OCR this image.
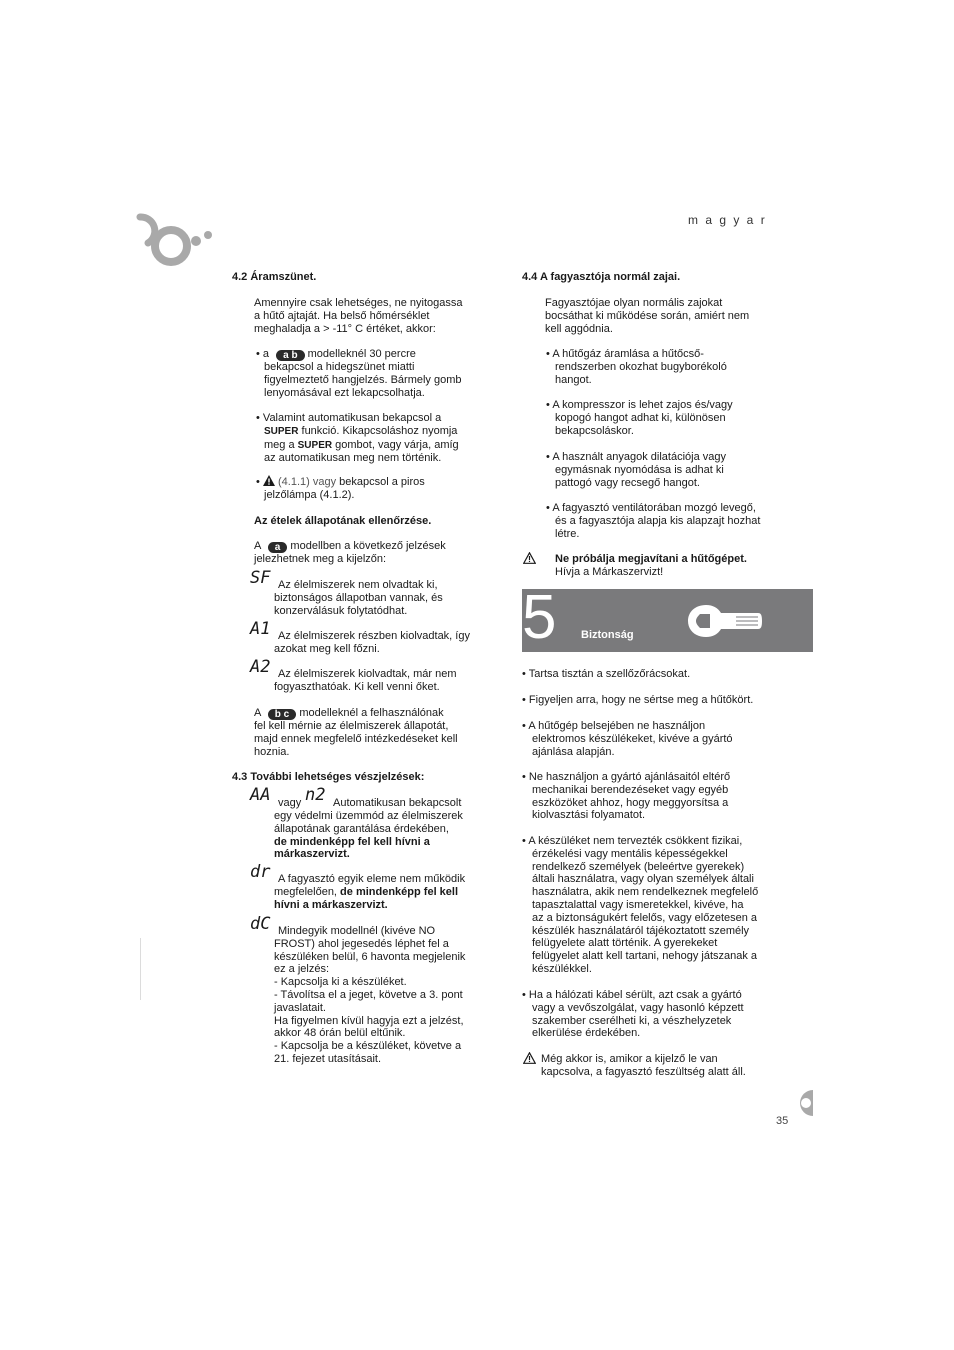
m a g y a r
4.2 Áramszünet.
Amennyire csak lehetséges, ne nyitogassa
a hűtő ajtaját. Ha belső hőmérséklet
meghaladja a > -11° C értéket, akkor:
• a a b modelleknél 30 percre
bekapcsol a hidegszünet miatti
figyelmeztető hangjelzés. Bármely gomb
lenyomásával ezt lekapcsolhatja.
• Valamint automatikusan bekapcsol a
SUPER funkció. Kikapcsoláshoz nyomja
meg a SUPER gombot, vagy várja, amíg
az automatikusan meg nem történik.
•  (4.1.1) vagy bekapcsol a piros
jelzőlámpa (4.1.2).
Az ételek állapotának ellenőrzése.
A a modellben a következő jelzések
jelezhetnek meg a kijelzőn:
SF Az élelmiszerek nem olvadtak ki,
biztonságos állapotban vannak, és
konzerválásuk folytatódhat.
A1 Az élelmiszerek részben kiolvadtak, így
azokat meg kell főzni.
A2 Az élelmiszerek kiolvadtak, már nem
fogyaszthatóak. Ki kell venni őket.
A b c modelleknél a felhasználónak
fel kell mérnie az élelmiszerek állapotát,
majd ennek megfelelő intézkedéseket kell
hoznia.
4.3 További lehetséges vészjelzések:
AA vagy n2 Automatikusan bekapcsolt
egy védelmi üzemmód az élelmiszerek
állapotának garantálása érdekében,
de mindenképp fel kell hívni a
márkaszervizt.
dr A fagyasztó egyik eleme nem működik
megfelelően, de mindenképp fel kell
hívni a márkaszervizt.
dC Mindegyik modellnél (kivéve NO
FROST) ahol jegesedés léphet fel a
készüléken belül, 6 havonta megjelenik
ez a jelzés:
- Kapcsolja ki a készüléket.
- Távolítsa el a jeget, követve a 3. pont
javaslatait.
Ha figyelmen kívül hagyja ezt a jelzést,
akkor 48 órán belül eltűnik.
- Kapcsolja be a készüléket, követve a
21. fejezet utasításait.
4.4 A fagyasztója normál zajai.
Fagyasztójae olyan normális zajokat
bocsáthat ki működése során, amiért nem
kell aggódnia.
• A hűtőgáz áramlása a hűtőcső-
rendszerben okozhat bugyborékoló
hangot.
• A kompresszor is lehet zajos és/vagy
kopogó hangot adhat ki, különösen
bekapcsoláskor.
• A használt anyagok dilatációja vagy
egymásnak nyomódása is adhat ki
pattogó vagy recsegő hangot.
• A fagyasztó ventilátorában mozgó levegő,
és a fagyasztója alapja kis alapzajt hozhat
létre.
Ne próbálja megjavítani a hűtőgépet.
Hívja a Márkaszervizt!
5 Biztonság
• Tartsa tisztán a szellőzőrácsokat.
• Figyeljen arra, hogy ne sértse meg a hűtőkört.
• A hűtőgép belsejében ne használjon
elektromos készülékeket, kivéve a gyártó
ajánlása alapján.
• Ne használjon a gyártó ajánlásaitól eltérő
mechanikai berendezéseket vagy egyéb
eszközöket ahhoz, hogy meggyorsítsa a
kiolvasztási folyamatot.
• A készüléket nem tervezték csökkent fizikai,
érzékelési vagy mentális képességekkel
rendelkező személyek (beleértve gyerekek)
általi használatra, vagy olyan személyek általi
használatra, akik nem rendelkeznek megfelelő
tapasztalattal vagy ismeretekkel, kivéve, ha
az a biztonságukért felelős, vagy előzetesen a
készülék használatáról tájékoztatott személy
felügyelete alatt történik. A gyerekeket
felügyelet alatt kell tartani, nehogy játszanak a
készülékkel.
• Ha a hálózati kábel sérült, azt csak a gyártó
vagy a vevőszolgálat, vagy hasonló képzett
szakember cserélheti ki, a vészhelyzetek
elkerülése érdekében.
Még akkor is, amikor a kijelző le van
kapcsolva, a fagyasztó feszültség alatt áll.
35
